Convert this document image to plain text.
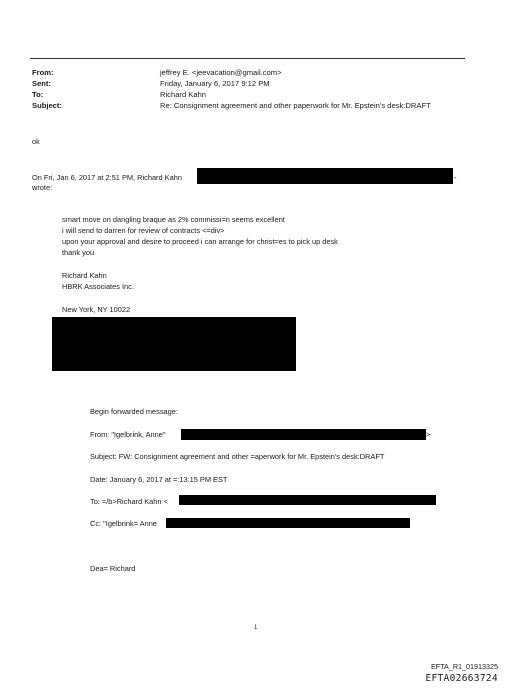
From:	jeffrey E. <jeevacation@gmail.com>
Sent:	Friday, January 6, 2017 9:12 PM
To:	Richard Kahn
Subject:	Re: Consignment agreement and other paperwork for Mr. Epstein's desk:DRAFT
ok
On Fri, Jan 6, 2017 at 2:51 PM, Richard Kahn	-
wrote:
smart move on dangling braque as 2% commissi=n seems excellent
i will send to darren for review of contracts <=div>
upon your approval and desire to proceed i can arrange for christ=es to pick up desk
thank you
Richard Kahn
HBRK Associates Inc.
New York, NY 10022
Begin forwarded message:
From: "Igelbrink, Anne"	>
Subject: FW: Consignment agreement and other =aperwork for Mr. Epstein's desk:DRAFT
Date: January 6, 2017 at =:13:15 PM EST
To: =/b>Richard Kahn <
Cc: "Igelbrink= Anne
Dea= Richard
1
EFTA_R1_01913325
EFTA02663724
